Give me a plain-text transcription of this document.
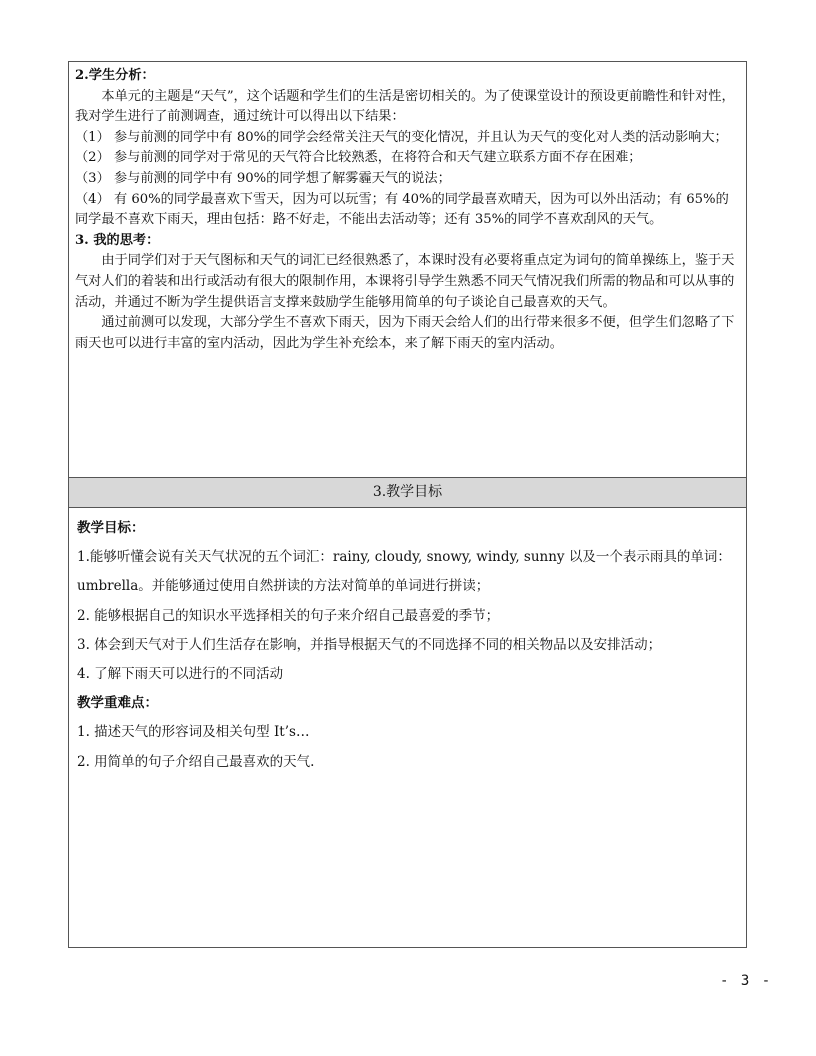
2.学生分析：

本单元的主题是“天气”，这个话题和学生们的生活是密切相关的。为了使课堂设计的预设更前瞻性和针对性，我对学生进行了前测调查，通过统计可以得出以下结果：

（1） 参与前测的同学中有 80%的同学会经常关注天气的变化情况，并且认为天气的变化对人类的活动影响大；

（2） 参与前测的同学对于常见的天气符合比较熟悉，在将符合和天气建立联系方面不存在困难；

（3） 参与前测的同学中有 90%的同学想了解雾霾天气的说法；

（4） 有 60%的同学最喜欢下雪天，因为可以玩雪；有 40%的同学最喜欢晴天，因为可以外出活动；有 65%的同学最不喜欢下雨天，理由包括：路不好走，不能出去活动等；还有 35%的同学不喜欢刮风的天气。

3. 我的思考：

由于同学们对于天气图标和天气的词汇已经很熟悉了，本课时没有必要将重点定为词句的简单操练上，鉴于天气对人们的着装和出行或活动有很大的限制作用，本课将引导学生熟悉不同天气情况我们所需的物品和可以从事的活动，并通过不断为学生提供语言支撑来鼓励学生能够用简单的句子谈论自己最喜欢的天气。

通过前测可以发现，大部分学生不喜欢下雨天，因为下雨天会给人们的出行带来很多不便，但学生们忽略了下雨天也可以进行丰富的室内活动，因此为学生补充绘本，来了解下雨天的室内活动。

3.教学目标

教学目标：

1.能够听懂会说有关天气状况的五个词汇：rainy, cloudy, snowy, windy, sunny 以及一个表示雨具的单词：umbrella。并能够通过使用自然拼读的方法对简单的单词进行拼读；

2. 能够根据自己的知识水平选择相关的句子来介绍自己最喜爱的季节；

3. 体会到天气对于人们生活存在影响，并指导根据天气的不同选择不同的相关物品以及安排活动；

4. 了解下雨天可以进行的不同活动

教学重难点：

1. 描述天气的形容词及相关句型 It’s…

2. 用简单的句子介绍自己最喜欢的天气.

- 3 -
